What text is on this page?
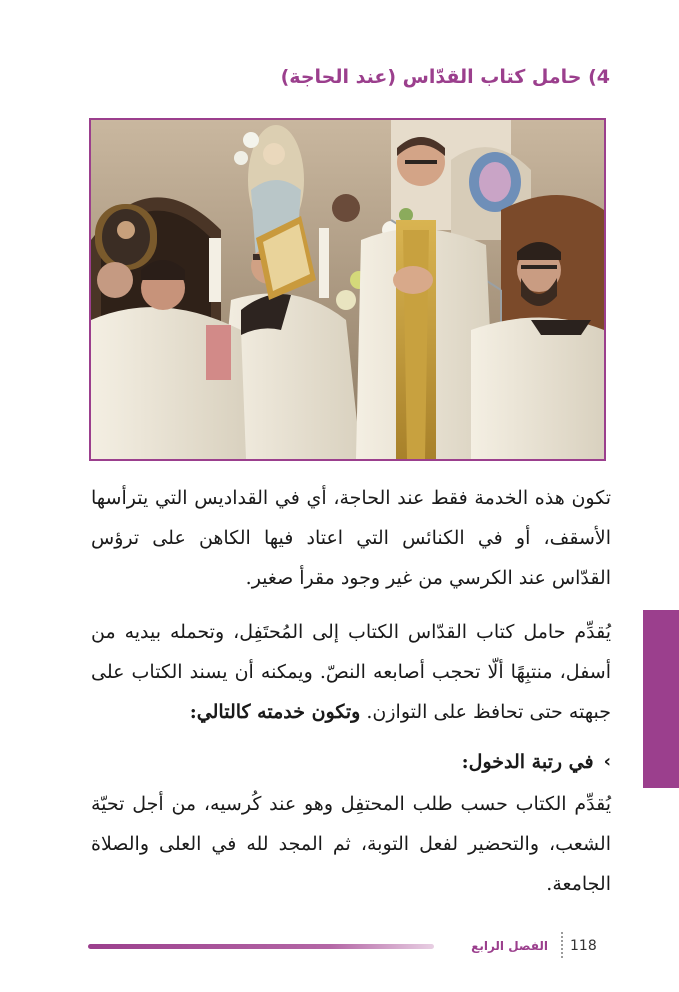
4) حامل كتاب القدّاس (عند الحاجة)

تكون هذه الخدمة فقط عند الحاجة، أي في القداديس التي يترأسها الأسقف، أو في الكنائس التي اعتاد فيها الكاهن على ترؤس القدّاس عند الكرسي من غير وجود مقرأ صغير.

يُقدِّم حامل كتاب القدّاس الكتاب إلى المُحتَفِل، وتحمله بيديه من أسفل، منتبِهًا ألّا تحجب أصابعه النصّ. ويمكنه أن يسند الكتاب على جبهته حتى تحافظ على التوازن. وتكون خدمته كالتالي:

›
في رتبة الدخول:

يُقدِّم الكتاب حسب طلب المحتفِل وهو عند كُرسيه، من أجل تحيّة الشعب، والتحضير لفعل التوبة، ثم المجد لله في العلى والصلاة الجامعة.

الفصل الرابع 118
